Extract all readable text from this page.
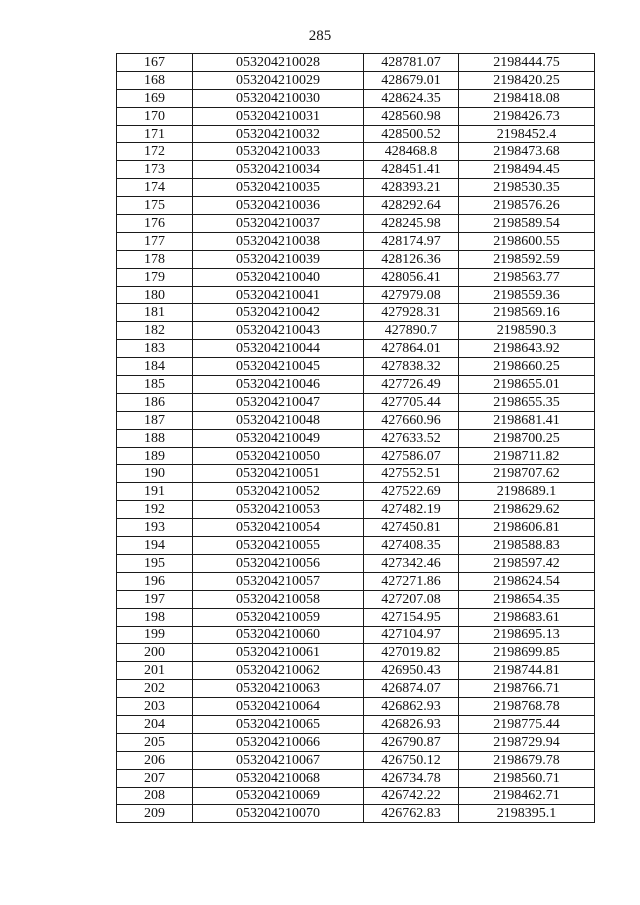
285
167	053204210028	428781.07	2198444.75
168	053204210029	428679.01	2198420.25
169	053204210030	428624.35	2198418.08
170	053204210031	428560.98	2198426.73
171	053204210032	428500.52	2198452.4
172	053204210033	428468.8	2198473.68
173	053204210034	428451.41	2198494.45
174	053204210035	428393.21	2198530.35
175	053204210036	428292.64	2198576.26
176	053204210037	428245.98	2198589.54
177	053204210038	428174.97	2198600.55
178	053204210039	428126.36	2198592.59
179	053204210040	428056.41	2198563.77
180	053204210041	427979.08	2198559.36
181	053204210042	427928.31	2198569.16
182	053204210043	427890.7	2198590.3
183	053204210044	427864.01	2198643.92
184	053204210045	427838.32	2198660.25
185	053204210046	427726.49	2198655.01
186	053204210047	427705.44	2198655.35
187	053204210048	427660.96	2198681.41
188	053204210049	427633.52	2198700.25
189	053204210050	427586.07	2198711.82
190	053204210051	427552.51	2198707.62
191	053204210052	427522.69	2198689.1
192	053204210053	427482.19	2198629.62
193	053204210054	427450.81	2198606.81
194	053204210055	427408.35	2198588.83
195	053204210056	427342.46	2198597.42
196	053204210057	427271.86	2198624.54
197	053204210058	427207.08	2198654.35
198	053204210059	427154.95	2198683.61
199	053204210060	427104.97	2198695.13
200	053204210061	427019.82	2198699.85
201	053204210062	426950.43	2198744.81
202	053204210063	426874.07	2198766.71
203	053204210064	426862.93	2198768.78
204	053204210065	426826.93	2198775.44
205	053204210066	426790.87	2198729.94
206	053204210067	426750.12	2198679.78
207	053204210068	426734.78	2198560.71
208	053204210069	426742.22	2198462.71
209	053204210070	426762.83	2198395.1
